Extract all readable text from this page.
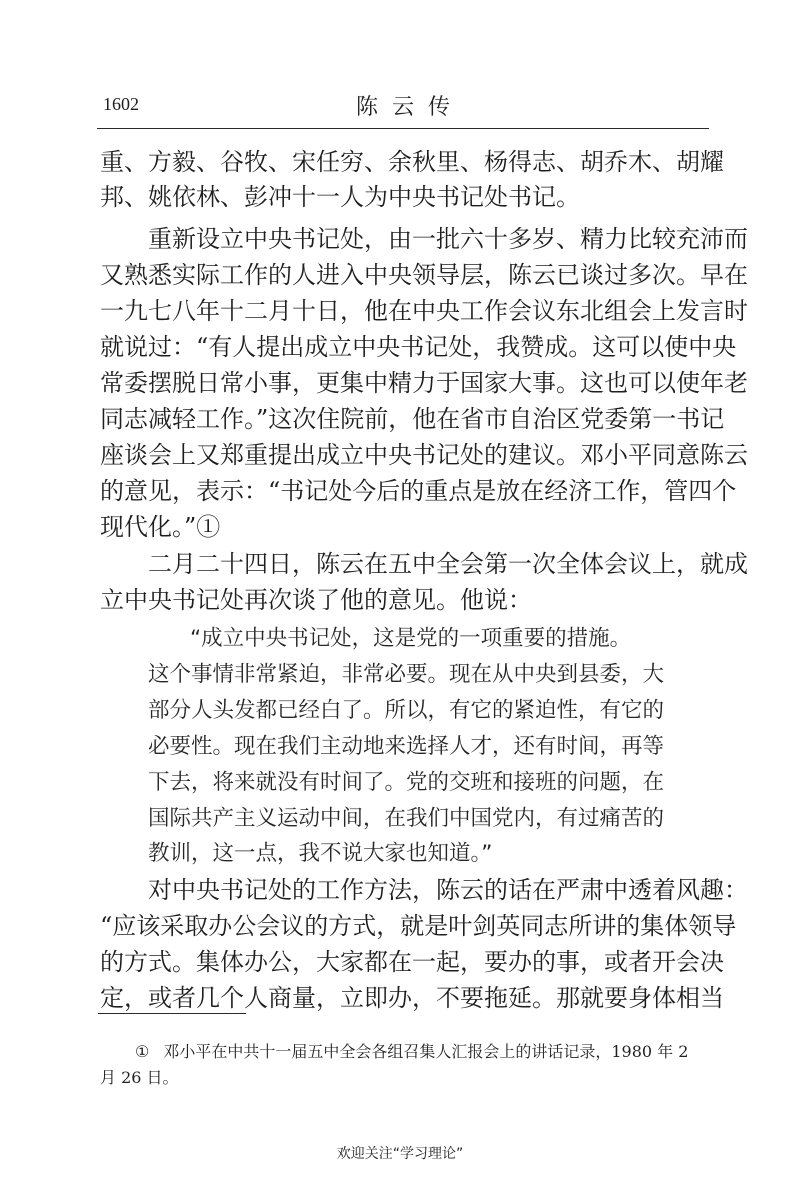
1602	陈云传
重、方毅、谷牧、宋任穷、余秋里、杨得志、胡乔木、胡耀
邦、姚依林、彭冲十一人为中央书记处书记。
重新设立中央书记处，由一批六十多岁、精力比较充沛而
又熟悉实际工作的人进入中央领导层，陈云已谈过多次。早在
一九七八年十二月十日，他在中央工作会议东北组会上发言时
就说过：“有人提出成立中央书记处，我赞成。这可以使中央
常委摆脱日常小事，更集中精力于国家大事。这也可以使年老
同志减轻工作。”这次住院前，他在省市自治区党委第一书记
座谈会上又郑重提出成立中央书记处的建议。邓小平同意陈云
的意见，表示：“书记处今后的重点是放在经济工作，管四个
现代化。”①
二月二十四日，陈云在五中全会第一次全体会议上，就成
立中央书记处再次谈了他的意见。他说：
“成立中央书记处，这是党的一项重要的措施。
这个事情非常紧迫，非常必要。现在从中央到县委，大
部分人头发都已经白了。所以，有它的紧迫性，有它的
必要性。现在我们主动地来选择人才，还有时间，再等
下去，将来就没有时间了。党的交班和接班的问题，在
国际共产主义运动中间，在我们中国党内，有过痛苦的
教训，这一点，我不说大家也知道。”
对中央书记处的工作方法，陈云的话在严肃中透着风趣：
“应该采取办公会议的方式，就是叶剑英同志所讲的集体领导
的方式。集体办公，大家都在一起，要办的事，或者开会决
定，或者几个人商量，立即办，不要拖延。那就要身体相当
① 邓小平在中共十一届五中全会各组召集人汇报会上的讲话记录，1980 年 2
月 26 日。
欢迎关注“学习理论”
